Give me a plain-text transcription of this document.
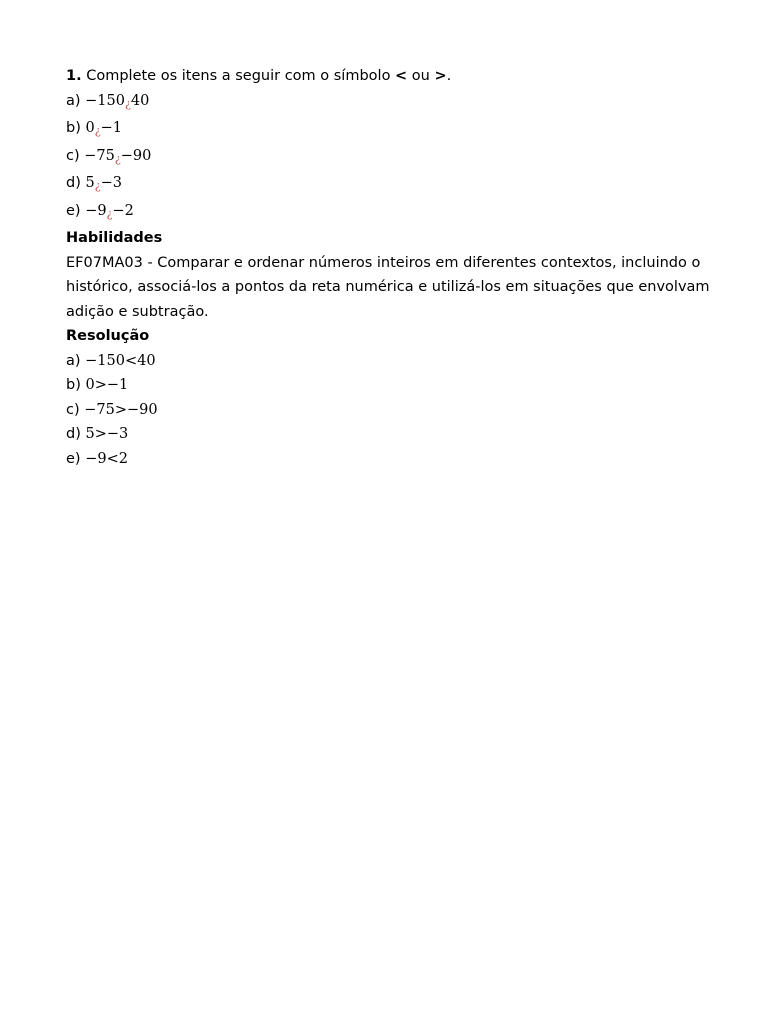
1. Complete os itens a seguir com o símbolo < ou >.
a) −150¿40
b) 0¿−1
c) −75¿−90
d) 5¿−3
e) −9¿−2
Habilidades
EF07MA03 - Comparar e ordenar números inteiros em diferentes contextos, incluindo o histórico, associá-los a pontos da reta numérica e utilizá-los em situações que envolvam adição e subtração.
Resolução
a) −150<40
b) 0>−1
c) −75>−90
d) 5>−3
e) −9<2
